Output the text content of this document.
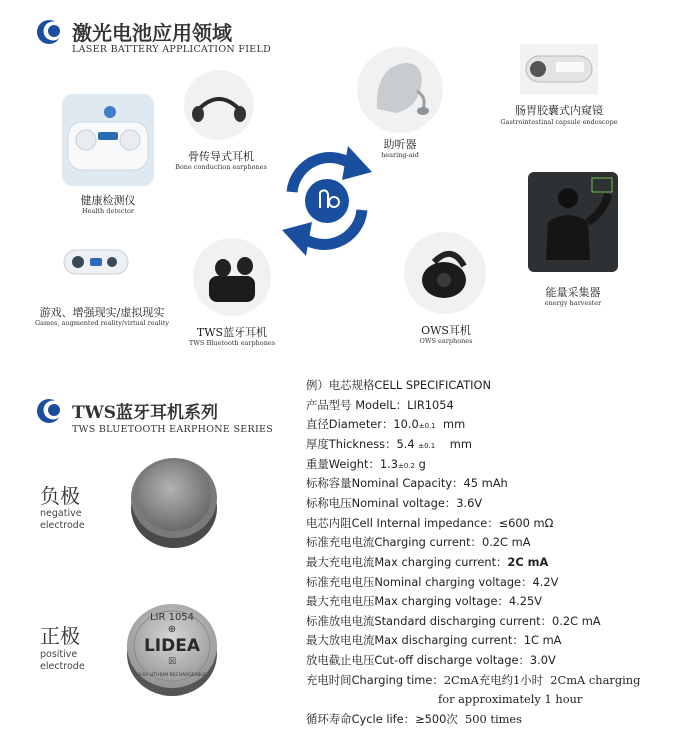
激光电池应用领域
LASER BATTERY APPLICATION FIELD
健康检测仪
Health detector
骨传导式耳机
Bone conduction earphones
助听器
hearing-aid
肠胃胶囊式内窥镜
Gastrointestinal capsule endoscope
能量采集器
energy harvester
游戏、增强现实/虚拟现实
Games, augmented reality/virtual reality
TWS蓝牙耳机
TWS Bluetooth earphones
OWS耳机
OWS earphones
TWS蓝牙耳机系列
TWS BLUETOOTH EARPHONE SERIES
负极
negative
electrode
正极
positive
electrode
LIR 1054
⊕
LIDEA
☒
3.6V LITHIUM RECHARGEABLE
例）电芯规格CELL SPECIFICATION
产品型号 ModelL：LIR1054
直径Diameter：10.0±0.1 mm
厚度Thickness：5.4 ±0.1 mm
重量Weight：1.3±0.2 g
标称容量Nominal Capacity：45 mAh
标称电压Nominal voltage：3.6V
电芯内阻Cell Internal impedance：≤600 mΩ
标准充电电流Charging current：0.2C mA
最大充电电流Max charging current：2C mA
标准充电电压Nominal charging voltage：4.2V
最大充电电压Max charging voltage：4.25V
标准放电电流Standard discharging current：0.2C mA
最大放电电流Max discharging current：1C mA
放电截止电压Cut-off discharge voltage：3.0V
充电时间Charging time：2CmA充电约1小时 2CmA charging
for approximately 1 hour
循环寿命Cycle life：≥500次 500 times
